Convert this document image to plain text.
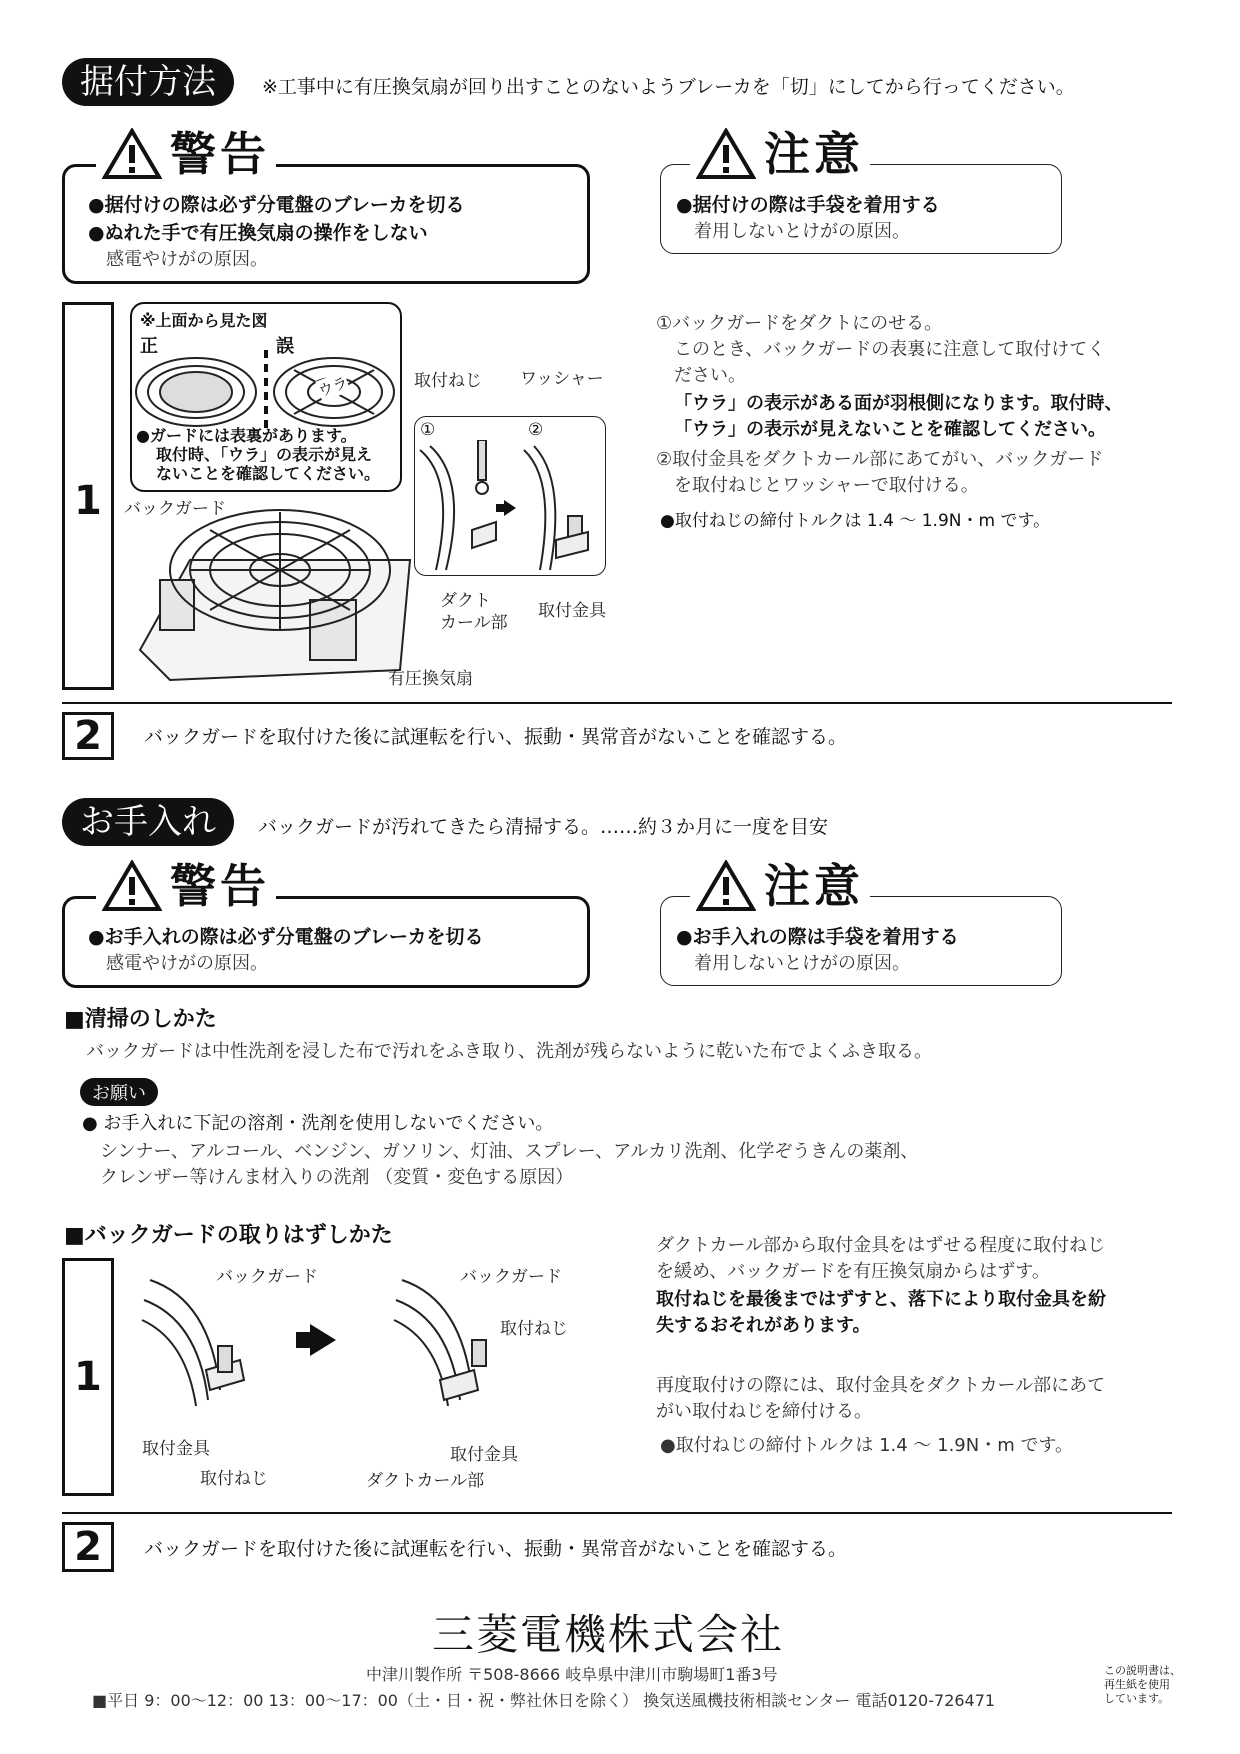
据付方法	※工事中に有圧換気扇が回り出すことのないようブレーカを「切」にしてから行ってください。
警告
●据付けの際は必ず分電盤のブレーカを切る
●ぬれた手で有圧換気扇の操作をしない
感電やけがの原因。
注意
●据付けの際は手袋を着用する
着用しないとけがの原因。
1
※上面から見た図
正	誤
ウラ
●ガードには表裏があります。
取付時、「ウラ」の表示が見え
ないことを確認してください。
バックガード
有圧換気扇
取付ねじ ワッシャー
①	②
ダクト
カール部
取付金具
①バックガードをダクトにのせる。
このとき、バックガードの表裏に注意して取付けてく
ださい。
「ウラ」の表示がある面が羽根側になります。取付時、
「ウラ」の表示が見えないことを確認してください。
②取付金具をダクトカール部にあてがい、バックガード
を取付ねじとワッシャーで取付ける。
●取付ねじの締付トルクは 1.4 ～ 1.9N・m です。
2	バックガードを取付けた後に試運転を行い、振動・異常音がないことを確認する。
お手入れ	バックガードが汚れてきたら清掃する。……約３か月に一度を目安
警告
●お手入れの際は必ず分電盤のブレーカを切る
感電やけがの原因。
注意
●お手入れの際は手袋を着用する
着用しないとけがの原因。
■清掃のしかた
バックガードは中性洗剤を浸した布で汚れをふき取り、洗剤が残らないように乾いた布でよくふき取る。
お願い
● お手入れに下記の溶剤・洗剤を使用しないでください。
シンナー、アルコール、ベンジン、ガソリン、灯油、スプレー、アルカリ洗剤、化学ぞうきんの薬剤、
クレンザー等けんま材入りの洗剤 （変質・変色する原因）
■バックガードの取りはずしかた
1
バックガード
取付金具
取付ねじ
バックガード
取付ねじ
取付金具
ダクトカール部
ダクトカール部から取付金具をはずせる程度に取付ねじ
を緩め、バックガードを有圧換気扇からはずす。
取付ねじを最後まではずすと、落下により取付金具を紛
失するおそれがあります。
再度取付けの際には、取付金具をダクトカール部にあて
がい取付ねじを締付ける。
●取付ねじの締付トルクは 1.4 ～ 1.9N・m です。
2	バックガードを取付けた後に試運転を行い、振動・異常音がないことを確認する。
三菱電機株式会社
中津川製作所 〒508-8666 岐阜県中津川市駒場町1番3号
■平日 9：00～12：00 13：00～17：00（土・日・祝・弊社休日を除く） 換気送風機技術相談センター 電話0120-726471
この説明書は、
再生紙を使用
しています。
